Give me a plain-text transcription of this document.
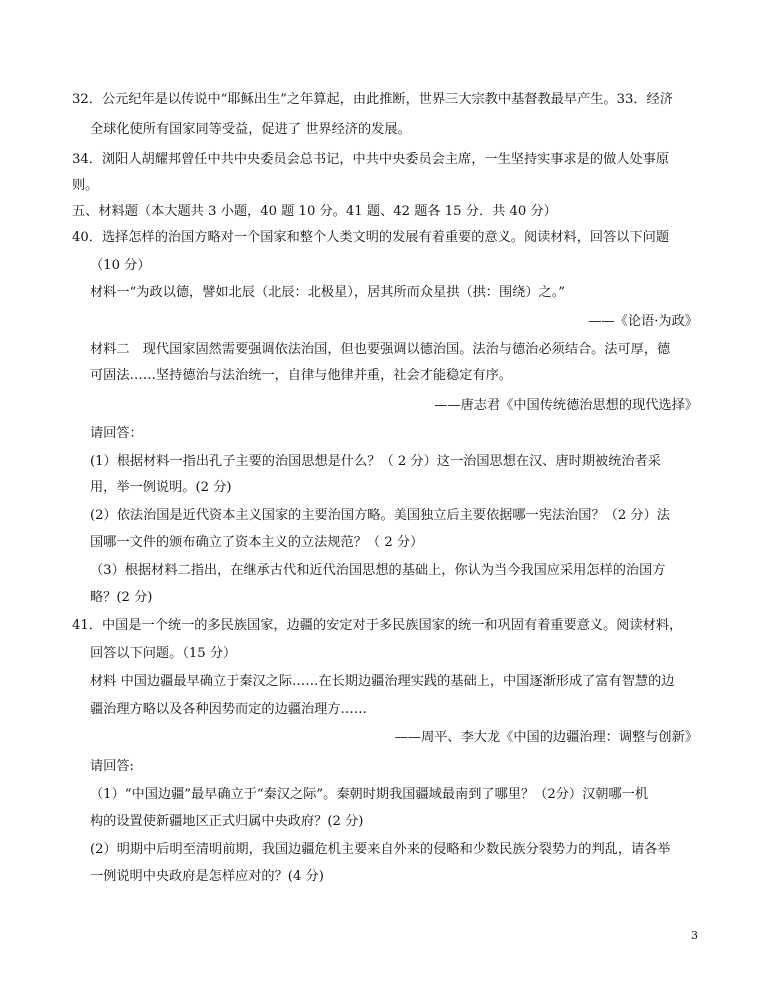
32．公元纪年是以传说中“耶稣出生”之年算起，由此推断，世界三大宗教中基督教最早产生。33．经济
全球化使所有国家同等受益，促进了 世界经济的发展。
34．浏阳人胡耀邦曾任中共中央委员会总书记，中共中央委员会主席，一生坚持实事求是的做人处事原
则。
五、材料题（本大题共 3 小题，40 题 10 分。41 题、42 题各 15 分．共 40 分）
40．选择怎样的治国方略对一个国家和整个人类文明的发展有着重要的意义。阅读材料，回答以下问题
（10 分）
材料一“为政以德，譬如北辰（北辰：北极星），居其所而众星拱（拱：围绕）之。”
——《论语·为政》
材料二　现代国家固然需要强调依法治国，但也要强调以德治国。法治与德治必须结合。法可厚，德
可固法……坚持德治与法治统一，自律与他律并重，社会才能稳定有序。
——唐志君《中国传统德治思想的现代选择》
请回答：
(1）根据材料一指出孔子主要的治国思想是什么？（ 2 分）这一治国思想在汉、唐时期被统治者采
用，举一例说明。(2 分)
(2）依法治国是近代资本主义国家的主要治国方略。美国独立后主要依据哪一宪法治国？（2 分）法
国哪一文件的颁布确立了资本主义的立法规范？（ 2 分）
（3）根据材料二指出，在继承古代和近代治国思想的基础上，你认为当今我国应采用怎样的治国方
略？(2 分)
41．中国是一个统一的多民族国家，边疆的安定对于多民族国家的统一和巩固有着重要意义。阅读材料，
回答以下问题。（15 分）
材料 中国边疆最早确立于秦汉之际……在长期边疆治理实践的基础上，中国逐渐形成了富有智慧的边
疆治理方略以及各种因势而定的边疆治理方……
——周平、李大龙《中国的边疆治理：调整与创新》
请回答:
（1）“中国边疆”最早确立于“秦汉之际”。秦朝时期我国疆域最南到了哪里？（2分）汉朝哪一机
构的设置使新疆地区正式归属中央政府？(2 分)
(2）明期中后明至清明前期，我国边疆危机主要来自外来的侵略和少数民族分裂势力的判乱，请各举
一例说明中央政府是怎样应对的？(4 分)
3
